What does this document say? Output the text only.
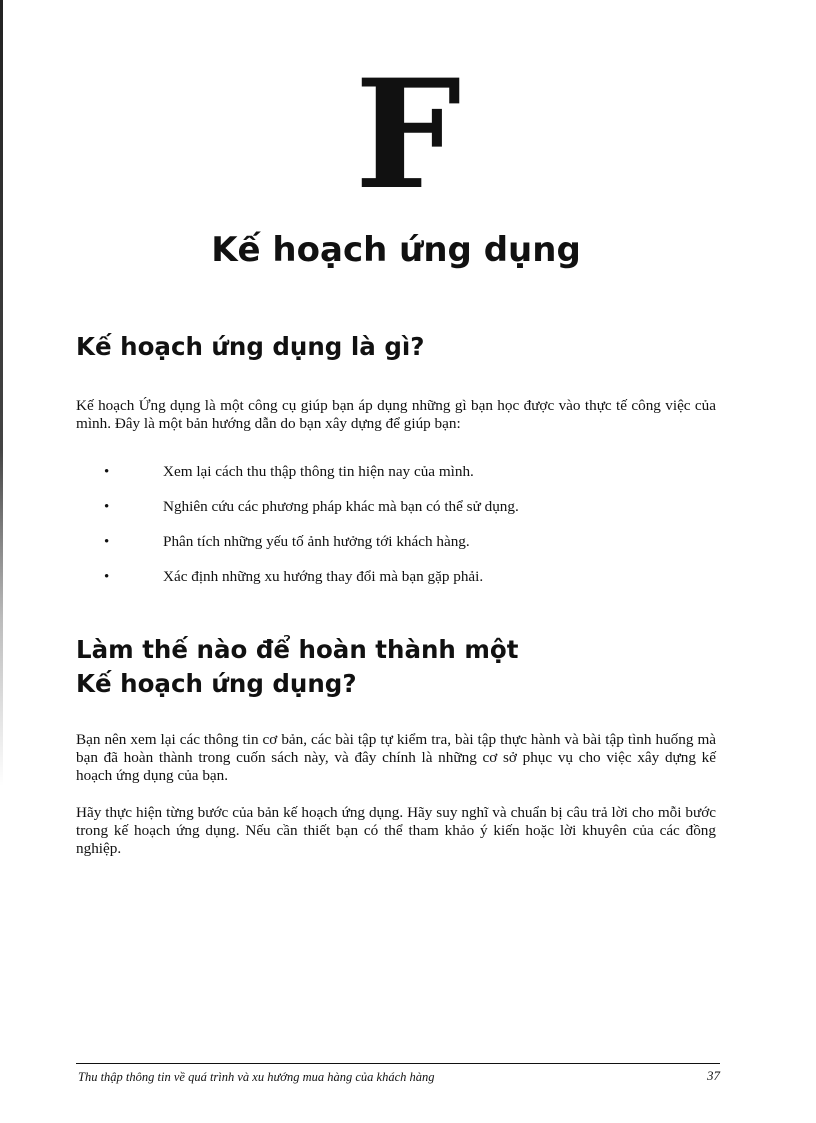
F
Kế hoạch ứng dụng
Kế hoạch ứng dụng là gì?

Kế hoạch Ứng dụng là một công cụ giúp bạn áp dụng những gì bạn học được vào thực tế công việc của mình. Đây là một bản hướng dẫn do bạn xây dựng để giúp bạn:

•	Xem lại cách thu thập thông tin hiện nay của mình.
•	Nghiên cứu các phương pháp khác mà bạn có thể sử dụng.
•	Phân tích những yếu tố ảnh hưởng tới khách hàng.
•	Xác định những xu hướng thay đổi mà bạn gặp phải.
Làm thế nào để hoàn thành một
Kế hoạch ứng dụng?

Bạn nên xem lại các thông tin cơ bản, các bài tập tự kiểm tra, bài tập thực hành và bài tập tình huống mà bạn đã hoàn thành trong cuốn sách này, và đây chính là những cơ sở phục vụ cho việc xây dựng kế hoạch ứng dụng của bạn.

Hãy thực hiện từng bước của bản kế hoạch ứng dụng. Hãy suy nghĩ và chuẩn bị câu trả lời cho mỗi bước trong kế hoạch ứng dụng. Nếu cần thiết bạn có thể tham khảo ý kiến hoặc lời khuyên của các đồng nghiệp.

Thu thập thông tin về quá trình và xu hướng mua hàng của khách hàng	37
